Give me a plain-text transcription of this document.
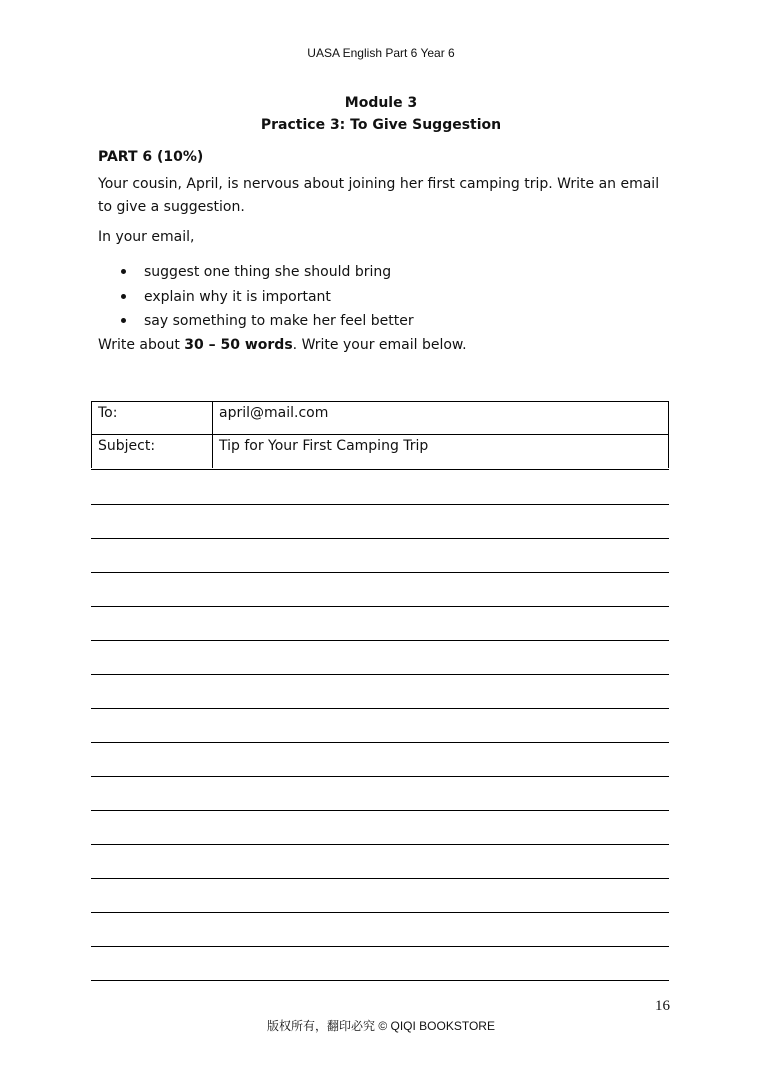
UASA English Part 6 Year 6
Module 3
Practice 3: To Give Suggestion
PART 6 (10%)
Your cousin, April, is nervous about joining her first camping trip. Write an email to give a suggestion.
In your email,
suggest one thing she should bring
explain why it is important
say something to make her feel better
Write about 30 – 50 words. Write your email below.
To:	april@mail.com
Subject:	Tip for Your First Camping Trip
16
版权所有，翻印必究 © QIQI BOOKSTORE
